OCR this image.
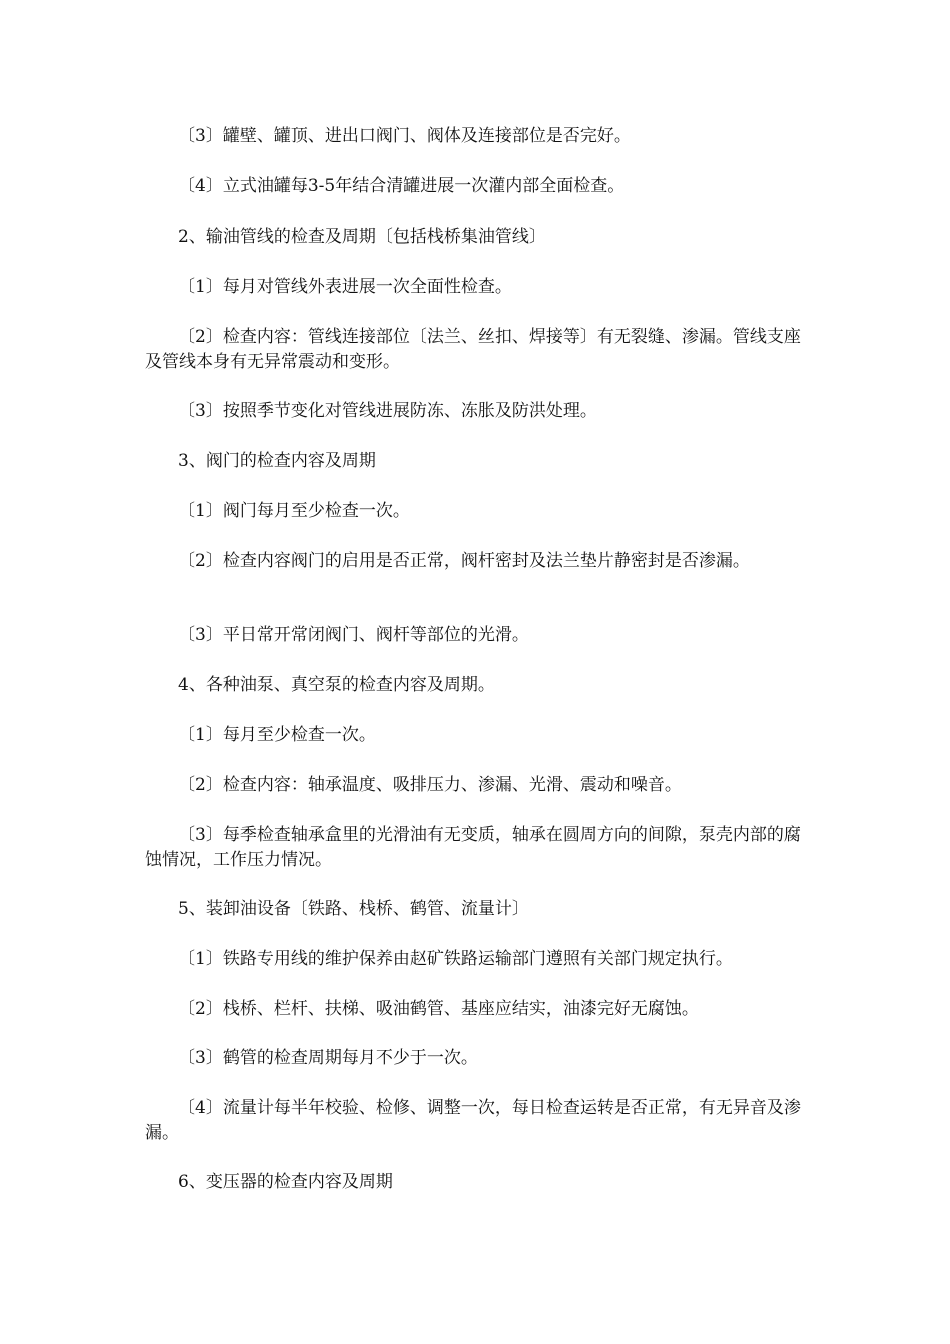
〔3〕罐壁、罐顶、进出口阀门、阀体及连接部位是否完好。

〔4〕立式油罐每3-5年结合清罐进展一次灌内部全面检查。

2、输油管线的检查及周期〔包括栈桥集油管线〕

〔1〕每月对管线外表进展一次全面性检查。

〔2〕检查内容：管线连接部位〔法兰、丝扣、焊接等〕有无裂缝、渗漏。管线支座及管线本身有无异常震动和变形。

〔3〕按照季节变化对管线进展防冻、冻胀及防洪处理。

3、阀门的检查内容及周期

〔1〕阀门每月至少检查一次。

〔2〕检查内容阀门的启用是否正常，阀杆密封及法兰垫片静密封是否渗漏。

〔3〕平日常开常闭阀门、阀杆等部位的光滑。

4、各种油泵、真空泵的检查内容及周期。

〔1〕每月至少检查一次。

〔2〕检查内容：轴承温度、吸排压力、渗漏、光滑、震动和噪音。

〔3〕每季检查轴承盒里的光滑油有无变质，轴承在圆周方向的间隙，泵壳内部的腐蚀情况，工作压力情况。

5、装卸油设备〔铁路、栈桥、鹤管、流量计〕

〔1〕铁路专用线的维护保养由赵矿铁路运输部门遵照有关部门规定执行。

〔2〕栈桥、栏杆、扶梯、吸油鹤管、基座应结实，油漆完好无腐蚀。

〔3〕鹤管的检查周期每月不少于一次。

〔4〕流量计每半年校验、检修、调整一次，每日检查运转是否正常，有无异音及渗漏。

6、变压器的检查内容及周期
